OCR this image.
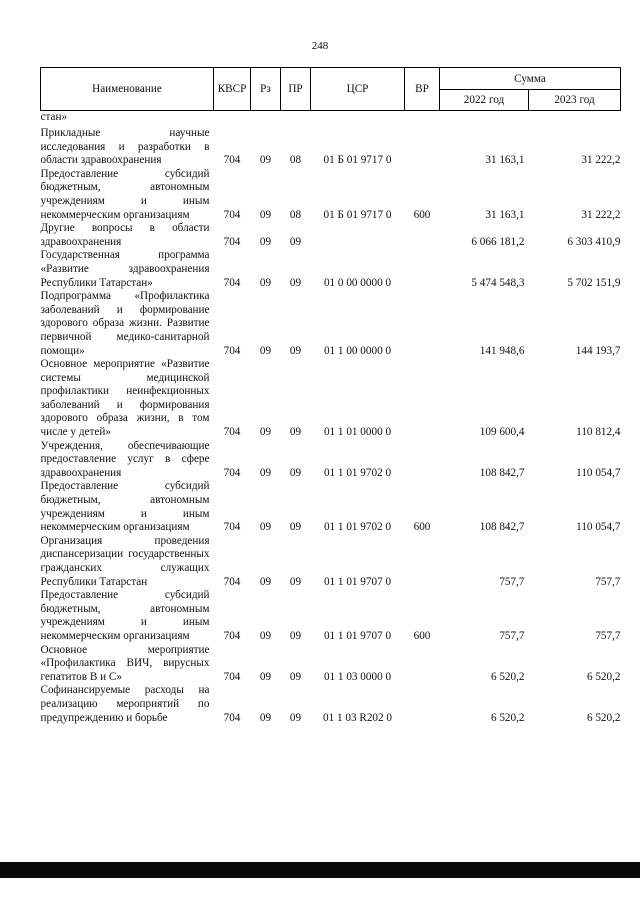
248
Наименование	КВСР	Рз	ПР	ЦСР	ВР	Сумма	
						2022 год	2023 год
стан»							
Прикладные научные исследования и разработки в области здравоохранения	704	09	08	01 Б 01 9717 0		31 163,1	31 222,2
Предоставление субсидий бюджетным, автономным учреждениям и иным некоммерческим организациям	704	09	08	01 Б 01 9717 0	600	31 163,1	31 222,2
Другие вопросы в области здравоохранения	704	09	09			6 066 181,2	6 303 410,9
Государственная программа «Развитие здравоохранения Республики Татарстан»	704	09	09	01 0 00 0000 0		5 474 548,3	5 702 151,9
Подпрограмма «Профилактика заболеваний и формирование здорового образа жизни. Развитие первичной медико-санитарной помощи»	704	09	09	01 1 00 0000 0		141 948,6	144 193,7
Основное мероприятие «Развитие системы медицинской профилактики неинфекционных заболеваний и формирования здорового образа жизни, в том числе у детей»	704	09	09	01 1 01 0000 0		109 600,4	110 812,4
Учреждения, обеспечивающие предоставление услуг в сфере здравоохранения	704	09	09	01 1 01 9702 0		108 842,7	110 054,7
Предоставление субсидий бюджетным, автономным учреждениям и иным некоммерческим организациям	704	09	09	01 1 01 9702 0	600	108 842,7	110 054,7
Организация проведения диспансеризации государственных гражданских служащих Республики Татарстан	704	09	09	01 1 01 9707 0		757,7	757,7
Предоставление субсидий бюджетным, автономным учреждениям и иным некоммерческим организациям	704	09	09	01 1 01 9707 0	600	757,7	757,7
Основное мероприятие «Профилактика ВИЧ, вирусных гепатитов В и С»	704	09	09	01 1 03 0000 0		6 520,2	6 520,2
Софинансируемые расходы на реализацию мероприятий по предупреждению и борьбе	704	09	09	01 1 03 R202 0		6 520,2	6 520,2
